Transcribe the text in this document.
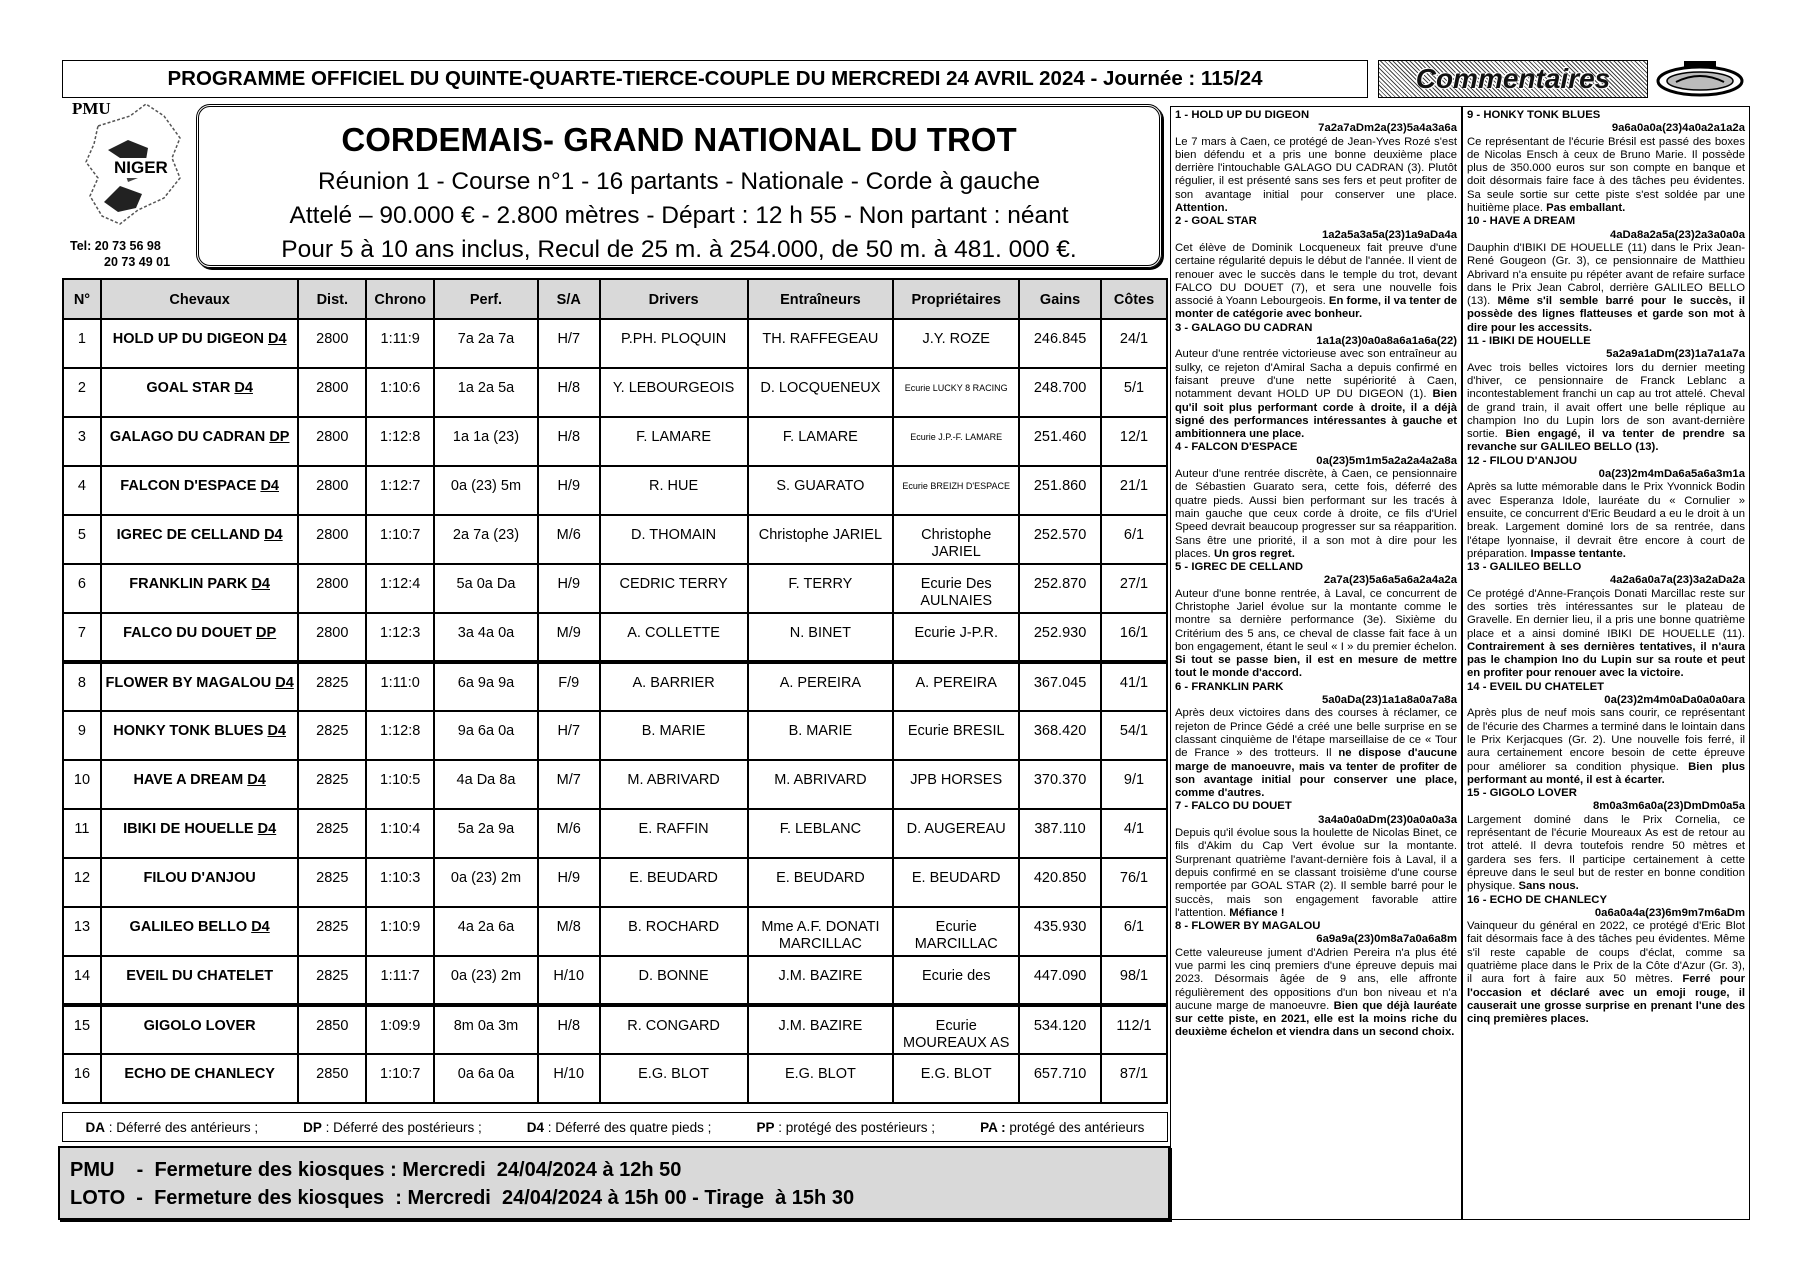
PROGRAMME OFFICIEL DU QUINTE-QUARTE-TIERCE-COUPLE DU MERCREDI 24 AVRIL 2024 - Journée : 115/24	Commentaires
PMU
NIGER
Tel: 20 73 56 98
20 73 49 01
CORDEMAIS- GRAND NATIONAL DU TROT
Réunion 1 - Course n°1 - 16 partants - Nationale - Corde à gauche
Attelé – 90.000 € - 2.800 mètres - Départ : 12 h 55 - Non partant : néant
Pour 5 à 10 ans inclus, Recul de 25 m. à 254.000, de 50 m. à 481. 000 €.
N°	Chevaux	Dist.	Chrono	Perf.	S/A	Drivers	Entraîneurs	Propriétaires	Gains	Côtes
1	HOLD UP DU DIGEON D4	2800	1:11:9	7a 2a 7a	H/7	P.PH. PLOQUIN	TH. RAFFEGEAU	J.Y. ROZE	246.845	24/1
2	GOAL STAR D4	2800	1:10:6	1a 2a 5a	H/8	Y. LEBOURGEOIS	D. LOCQUENEUX	Ecurie LUCKY 8 RACING	248.700	5/1
3	GALAGO DU CADRAN DP	2800	1:12:8	1a 1a (23)	H/8	F. LAMARE	F. LAMARE	Ecurie J.P.-F. LAMARE	251.460	12/1
4	FALCON D'ESPACE D4	2800	1:12:7	0a (23) 5m	H/9	R. HUE	S. GUARATO	Ecurie BREIZH D'ESPACE	251.860	21/1
5	IGREC DE CELLAND D4	2800	1:10:7	2a 7a (23)	M/6	D. THOMAIN	Christophe JARIEL	Christophe JARIEL	252.570	6/1
6	FRANKLIN PARK D4	2800	1:12:4	5a 0a Da	H/9	CEDRIC TERRY	F. TERRY	Ecurie Des AULNAIES	252.870	27/1
7	FALCO DU DOUET DP	2800	1:12:3	3a 4a 0a	M/9	A. COLLETTE	N. BINET	Ecurie J-P.R.	252.930	16/1
8	FLOWER BY MAGALOU D4	2825	1:11:0	6a 9a 9a	F/9	A. BARRIER	A. PEREIRA	A. PEREIRA	367.045	41/1
9	HONKY TONK BLUES D4	2825	1:12:8	9a 6a 0a	H/7	B. MARIE	B. MARIE	Ecurie BRESIL	368.420	54/1
10	HAVE A DREAM D4	2825	1:10:5	4a Da 8a	M/7	M. ABRIVARD	M. ABRIVARD	JPB HORSES	370.370	9/1
11	IBIKI DE HOUELLE D4	2825	1:10:4	5a 2a 9a	M/6	E. RAFFIN	F. LEBLANC	D. AUGEREAU	387.110	4/1
12	FILOU D'ANJOU	2825	1:10:3	0a (23) 2m	H/9	E. BEUDARD	E. BEUDARD	E. BEUDARD	420.850	76/1
13	GALILEO BELLO D4	2825	1:10:9	4a 2a 6a	M/8	B. ROCHARD	Mme A.F. DONATI MARCILLAC	Ecurie MARCILLAC	435.930	6/1
14	EVEIL DU CHATELET	2825	1:11:7	0a (23) 2m	H/10	D. BONNE	J.M. BAZIRE	Ecurie des	447.090	98/1
15	GIGOLO LOVER	2850	1:09:9	8m 0a 3m	H/8	R. CONGARD	J.M. BAZIRE	Ecurie MOUREAUX AS	534.120	112/1
16	ECHO DE CHANLECY	2850	1:10:7	0a 6a 0a	H/10	E.G. BLOT	E.G. BLOT	E.G. BLOT	657.710	87/1
DA : Déferré des antérieurs ;	DP : Déferré des postérieurs ;	D4 : Déferré des quatre pieds ;	PP : protégé des postérieurs ;	PA : protégé des antérieurs
PMU    -  Fermeture des kiosques : Mercredi  24/04/2024 à 12h 50
LOTO  -  Fermeture des kiosques  : Mercredi  24/04/2024 à 15h 00 - Tirage  à 15h 30
1 - HOLD UP DU DIGEON
7a2a7aDm2a(23)5a4a3a6a

Le 7 mars à Caen, ce protégé de Jean-Yves Rozé s'est bien défendu et a pris une bonne deuxième place derrière l'intouchable GALAGO DU CADRAN (3). Plutôt régulier, il est présenté sans ses fers et peut profiter de son avantage initial pour conserver une place. Attention.

2 - GOAL STAR
1a2a5a3a5a(23)1a9aDa4a

Cet élève de Dominik Locqueneux fait preuve d'une certaine régularité depuis le début de l'année. Il vient de renouer avec le succès dans le temple du trot, devant FALCO DU DOUET (7), et sera une nouvelle fois associé à Yoann Lebourgeois. En forme, il va tenter de monter de catégorie avec bonheur.

3 - GALAGO DU CADRAN
1a1a(23)0a0a8a6a1a6a(22)

Auteur d'une rentrée victorieuse avec son entraîneur au sulky, ce rejeton d'Amiral Sacha a depuis confirmé en faisant preuve d'une nette supériorité à Caen, notamment devant HOLD UP DU DIGEON (1). Bien qu'il soit plus performant corde à droite, il a déjà signé des performances intéressantes à gauche et ambitionnera une place.

4 - FALCON D'ESPACE
0a(23)5m1m5a2a2a4a2a8a

Auteur d'une rentrée discrète, à Caen, ce pensionnaire de Sébastien Guarato sera, cette fois, déferré des quatre pieds. Aussi bien performant sur les tracés à main gauche que ceux corde à droite, ce fils d'Uriel Speed devrait beaucoup progresser sur sa réapparition. Sans être une priorité, il a son mot à dire pour les places. Un gros regret.

5 - IGREC DE CELLAND
2a7a(23)5a6a5a6a2a4a2a

Auteur d'une bonne rentrée, à Laval, ce concurrent de Christophe Jariel évolue sur la montante comme le montre sa dernière performance (3e). Sixième du Critérium des 5 ans, ce cheval de classe fait face à un bon engagement, étant le seul « I » du premier échelon. Si tout se passe bien, il est en mesure de mettre tout le monde d'accord.

6 - FRANKLIN PARK
5a0aDa(23)1a1a8a0a7a8a

Après deux victoires dans des courses à réclamer, ce rejeton de Prince Gédé a créé une belle surprise en se classant cinquième de l'étape marseillaise de ce « Tour de France » des trotteurs. Il ne dispose d'aucune marge de manoeuvre, mais va tenter de profiter de son avantage initial pour conserver une place, comme d'autres.

7 - FALCO DU DOUET
3a4a0a0aDm(23)0a0a0a3a

Depuis qu'il évolue sous la houlette de Nicolas Binet, ce fils d'Akim du Cap Vert évolue sur la montante. Surprenant quatrième l'avant-dernière fois à Laval, il a depuis confirmé en se classant troisième d'une course remportée par GOAL STAR (2). Il semble barré pour le succès, mais son engagement favorable attire l'attention. Méfiance !

8 - FLOWER BY MAGALOU
6a9a9a(23)0m8a7a0a6a8m

Cette valeureuse jument d'Adrien Pereira n'a plus été vue parmi les cinq premiers d'une épreuve depuis mai 2023. Désormais âgée de 9 ans, elle affronte régulièrement des oppositions d'un bon niveau et n'a aucune marge de manoeuvre. Bien que déjà lauréate sur cette piste, en 2021, elle est la moins riche du deuxième échelon et viendra dans un second choix.

9 - HONKY TONK BLUES
9a6a0a0a(23)4a0a2a1a2a

Ce représentant de l'écurie Brésil est passé des boxes de Nicolas Ensch à ceux de Bruno Marie. Il possède plus de 350.000 euros sur son compte en banque et doit désormais faire face à des tâches peu évidentes. Sa seule sortie sur cette piste s'est soldée par une huitième place. Pas emballant.

10 - HAVE A DREAM
4aDa8a2a5a(23)2a3a0a0a

Dauphin d'IBIKI DE HOUELLE (11) dans le Prix Jean-René Gougeon (Gr. 3), ce pensionnaire de Matthieu Abrivard n'a ensuite pu répéter avant de refaire surface dans le Prix Jean Cabrol, derrière GALILEO BELLO (13). Même s'il semble barré pour le succès, il possède des lignes flatteuses et garde son mot à dire pour les accessits.

11 - IBIKI DE HOUELLE
5a2a9a1aDm(23)1a7a1a7a

Avec trois belles victoires lors du dernier meeting d'hiver, ce pensionnaire de Franck Leblanc a incontestablement franchi un cap au trot attelé. Cheval de grand train, il avait offert une belle réplique au champion Ino du Lupin lors de son avant-dernière sortie. Bien engagé, il va tenter de prendre sa revanche sur GALILEO BELLO (13).

12 - FILOU D'ANJOU
0a(23)2m4mDa6a5a6a3m1a

Après sa lutte mémorable dans le Prix Yvonnick Bodin avec Esperanza Idole, lauréate du « Cornulier » ensuite, ce concurrent d'Eric Beudard a eu le droit à un break. Largement dominé lors de sa rentrée, dans l'étape lyonnaise, il devrait être encore à court de préparation. Impasse tentante.

13 - GALILEO BELLO
4a2a6a0a7a(23)3a2aDa2a

Ce protégé d'Anne-François Donati Marcillac reste sur des sorties très intéressantes sur le plateau de Gravelle. En dernier lieu, il a pris une bonne quatrième place et a ainsi dominé IBIKI DE HOUELLE (11). Contrairement à ses dernières tentatives, il n'aura pas le champion Ino du Lupin sur sa route et peut en profiter pour renouer avec la victoire.

14 - EVEIL DU CHATELET
0a(23)2m4m0aDa0a0a0ara

Après plus de neuf mois sans courir, ce représentant de l'écurie des Charmes a terminé dans le lointain dans le Prix Kerjacques (Gr. 2). Une nouvelle fois ferré, il aura certainement encore besoin de cette épreuve pour améliorer sa condition physique. Bien plus performant au monté, il est à écarter.

15 - GIGOLO LOVER
8m0a3m6a0a(23)DmDm0a5a

Largement dominé dans le Prix Cornelia, ce représentant de l'écurie Moureaux As est de retour au trot attelé. Il devra toutefois rendre 50 mètres et gardera ses fers. Il participe certainement à cette épreuve dans le seul but de rester en bonne condition physique. Sans nous.

16 - ECHO DE CHANLECY
0a6a0a4a(23)6m9m7m6aDm

Vainqueur du général en 2022, ce protégé d'Eric Blot fait désormais face à des tâches peu évidentes. Même s'il reste capable de coups d'éclat, comme sa quatrième place dans le Prix de la Côte d'Azur (Gr. 3), il aura fort à faire aux 50 mètres. Ferré pour l'occasion et déclaré avec un emoji rouge, il causerait une grosse surprise en prenant l'une des cinq premières places.
